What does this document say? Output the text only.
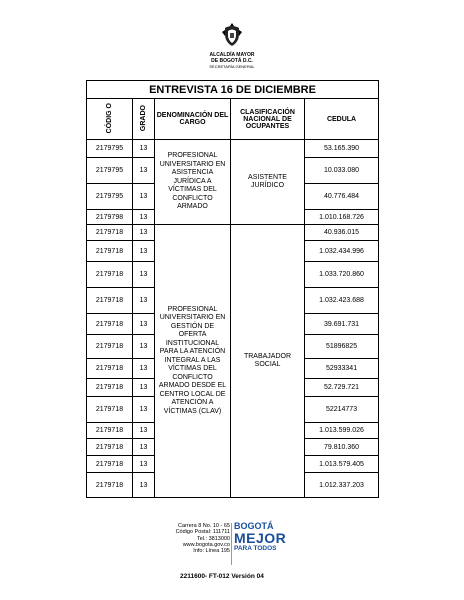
ALCALDÍA MAYOR
DE BOGOTÁ D.C.
SECRETARÍA GENERAL
ENTREVISTA 16 DE DICIEMBRE				
CÓDIG O	GRADO	DENOMINACIÓN DEL CARGO	CLASIFICACIÓN NACIONAL DE OCUPANTES	CEDULA
2179795	13	PROFESIONAL UNIVERSITARIO EN ASISTENCIA JURÍDICA A VÍCTIMAS DEL CONFLICTO ARMADO	ASISTENTE JURÍDICO	53.165.390
2179795	13			10.033.080
2179795	13			40.776.484
2179798	13			1.010.168.726
2179718	13	PROFESIONAL UNIVERSITARIO EN GESTIÓN DE OFERTA INSTITUCIONAL PARA LA ATENCIÓN INTEGRAL A LAS VÍCTIMAS DEL CONFLICTO ARMADO DESDE EL CENTRO LOCAL DE ATENCIÓN A VÍCTIMAS (CLAV)	TRABAJADOR SOCIAL	40.936.015
2179718	13			1.032.434.996
2179718	13			1.033.720.860
2179718	13			1.032.423.688
2179718	13			39.691.731
2179718	13			51896825
2179718	13			52933341
2179718	13			52.729.721
2179718	13			52214773
2179718	13			1.013.599.026
2179718	13			79.810.360
2179718	13			1.013.579.405
2179718	13			1.012.337.203
Carrera 8 No. 10 - 65
Código Postal: 111711
Tel.: 3813000
www.bogota.gov.co
Info: Línea 195
BOGOTÁ
MEJOR
PARA TODOS
2211600- FT-012 Versión 04
